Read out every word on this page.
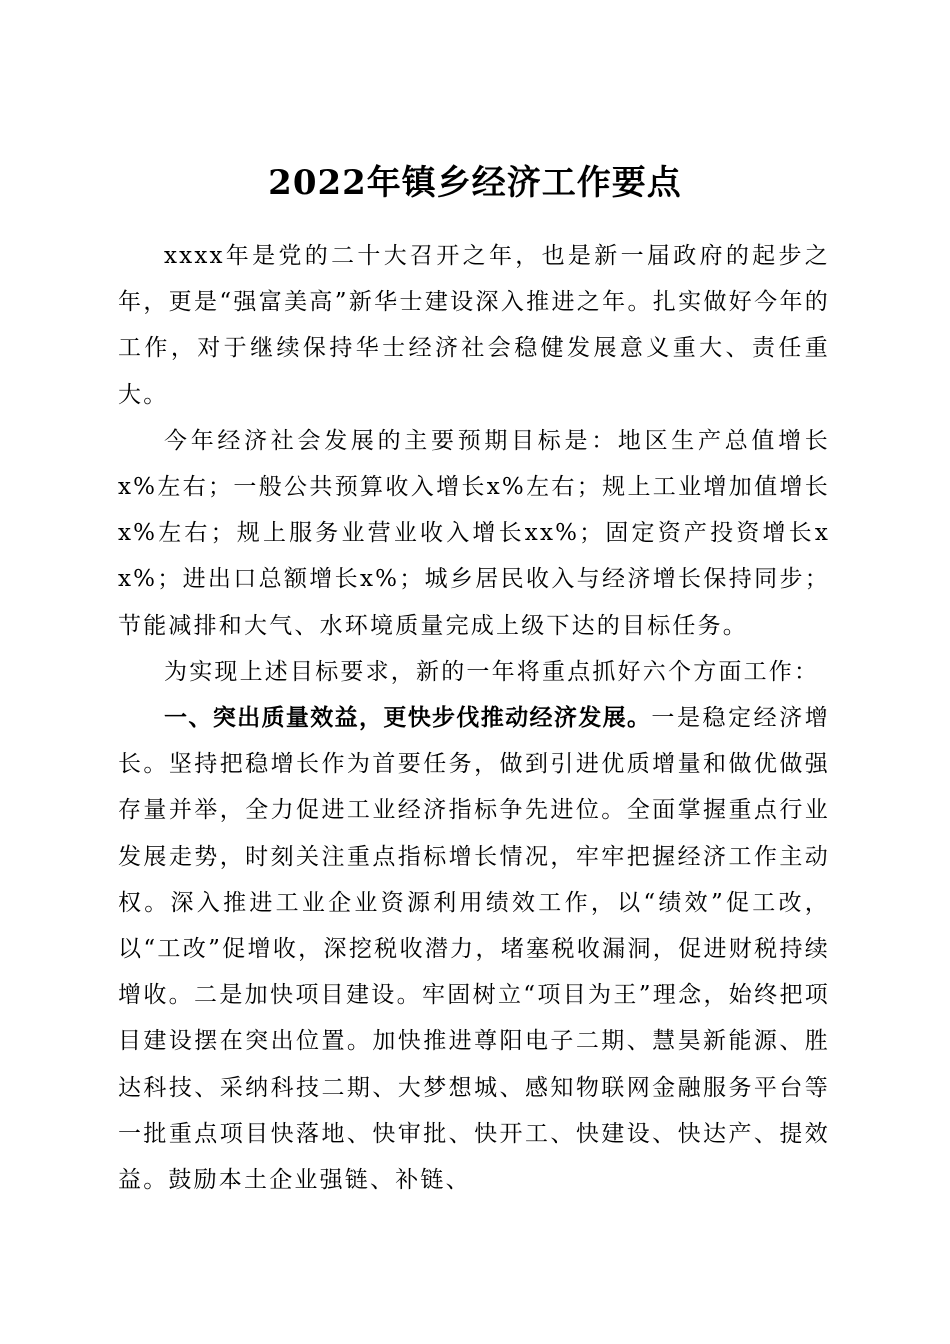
2022年镇乡经济工作要点

xxxx年是党的二十大召开之年，也是新一届政府的起步之年，更是“强富美高”新华士建设深入推进之年。扎实做好今年的工作，对于继续保持华士经济社会稳健发展意义重大、责任重大。

今年经济社会发展的主要预期目标是：地区生产总值增长x%左右；一般公共预算收入增长x%左右；规上工业增加值增长x%左右；规上服务业营业收入增长xx%；固定资产投资增长xx%；进出口总额增长x%；城乡居民收入与经济增长保持同步；节能减排和大气、水环境质量完成上级下达的目标任务。

为实现上述目标要求，新的一年将重点抓好六个方面工作：

一、突出质量效益，更快步伐推动经济发展。一是稳定经济增长。坚持把稳增长作为首要任务，做到引进优质增量和做优做强存量并举，全力促进工业经济指标争先进位。全面掌握重点行业发展走势，时刻关注重点指标增长情况，牢牢把握经济工作主动权。深入推进工业企业资源利用绩效工作，以“绩效”促工改，以“工改”促增收，深挖税收潜力，堵塞税收漏洞，促进财税持续增收。二是加快项目建设。牢固树立“项目为王”理念，始终把项目建设摆在突出位置。加快推进尊阳电子二期、慧昊新能源、胜达科技、采纳科技二期、大梦想城、感知物联网金融服务平台等一批重点项目快落地、快审批、快开工、快建设、快达产、提效益。鼓励本土企业强链、补链、
